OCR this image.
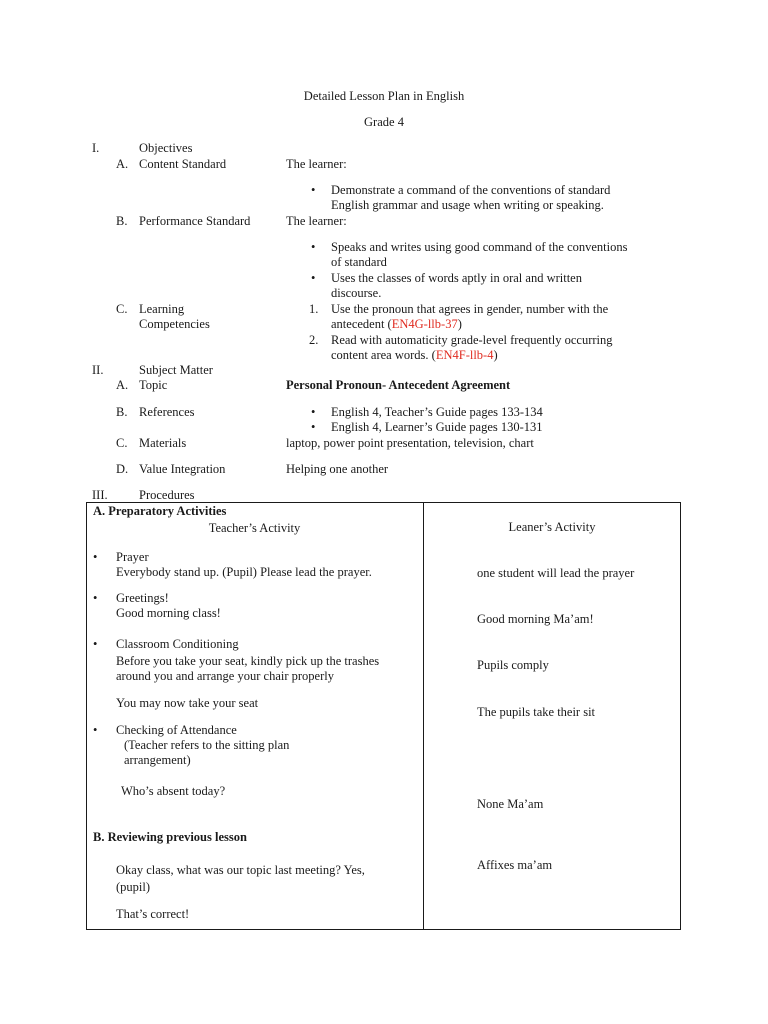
Detailed Lesson Plan in English
Grade 4
I.	Objectives
A. Content Standard	The learner:
•
Demonstrate a command of the conventions of standard
English grammar and usage when writing or speaking.
B. Performance Standard	The learner:
•
Speaks and writes using good command of the conventions
of standard
•
Uses the classes of words aptly in oral and written
discourse.
C. Learning
Competencies
1. Use the pronoun that agrees in gender, number with the
antecedent (EN4G-llb-37)
2. Read with automaticity grade-level frequently occurring
content area words. (EN4F-llb-4)
II.	Subject Matter
A. Topic	Personal Pronoun- Antecedent Agreement
B. References
•	English 4, Teacher’s Guide pages 133-134
•
English 4, Learner’s Guide pages 130-131
C. Materials	laptop, power point presentation, television, chart
D. Value Integration	Helping one another
III.	Procedures
A. Preparatory Activities
Teacher’s Activity	Leaner’s Activity
•
Prayer
Everybody stand up. (Pupil) Please lead the prayer.	one student will lead the prayer
•
Greetings!
Good morning class!	Good morning Ma’am!
•
Classroom Conditioning
Before you take your seat, kindly pick up the trashes
around you and arrange your chair properly
Pupils comply
You may now take your seat
The pupils take their sit
•
Checking of Attendance
(Teacher refers to the sitting plan
arrangement)
Who’s absent today?
None Ma’am
B. Reviewing previous lesson
Okay class, what was our topic last meeting? Yes,
(pupil)
Affixes ma’am
That’s correct!
